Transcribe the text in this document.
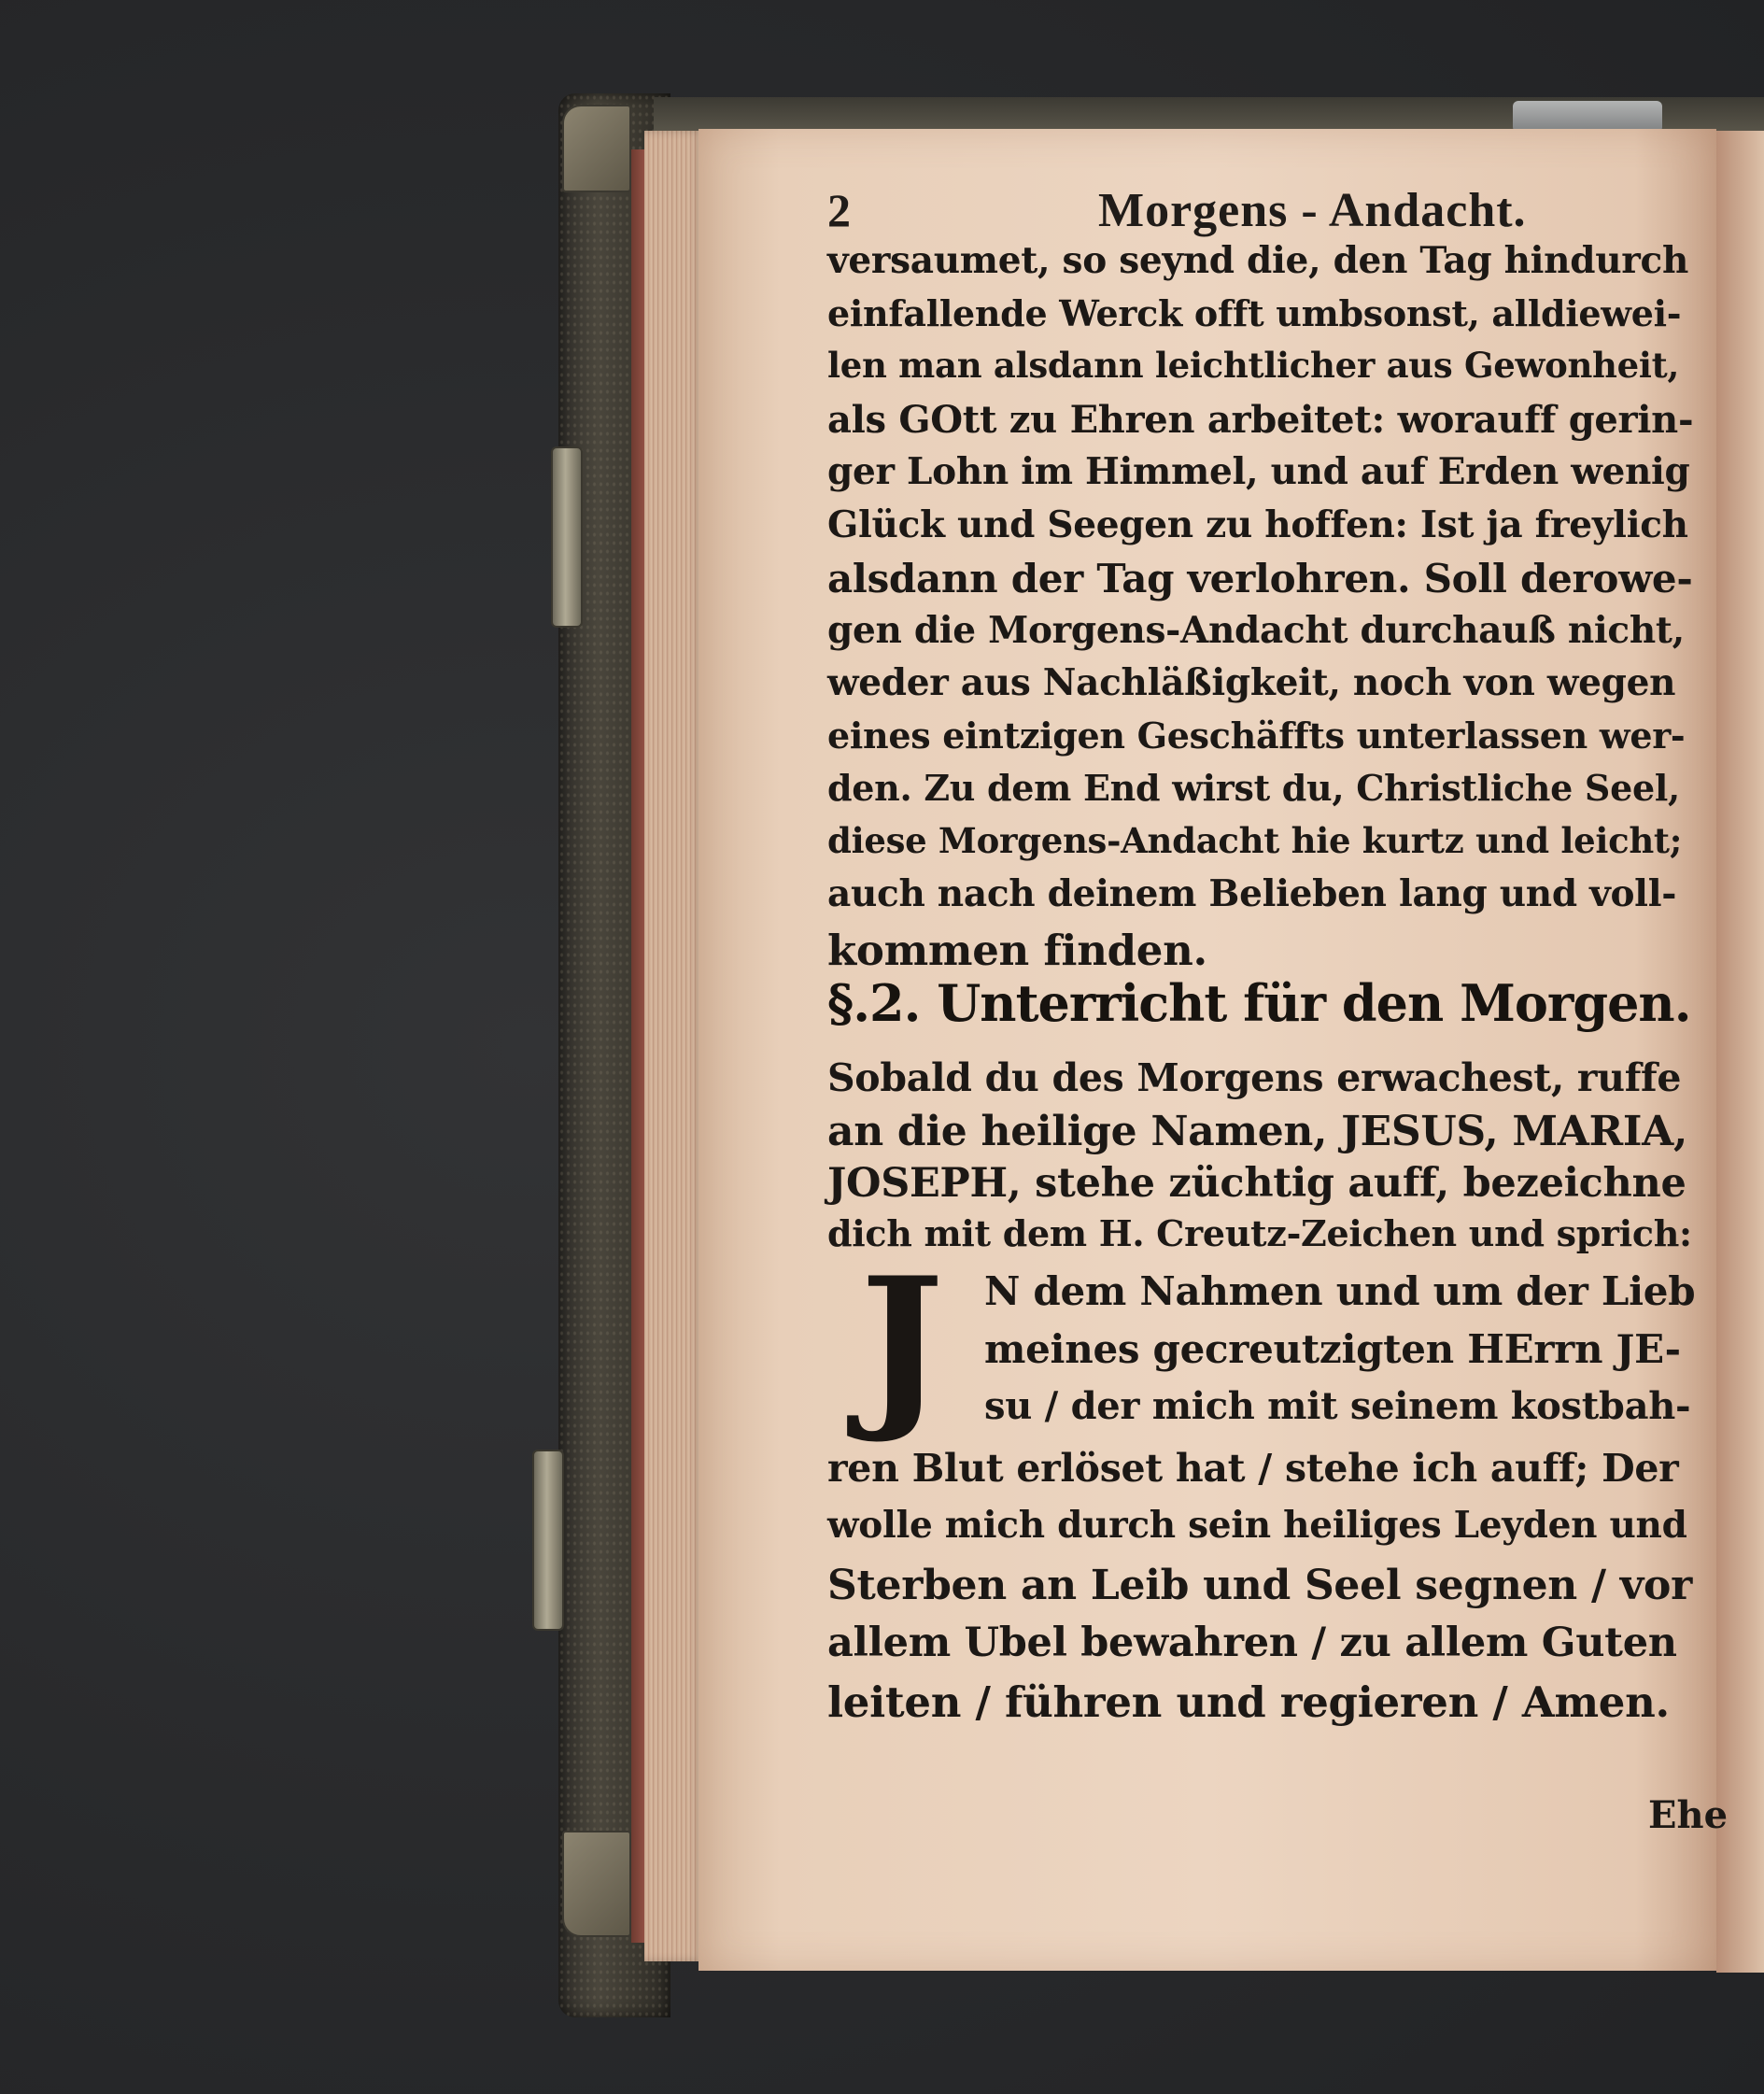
2	Morgens - Andacht.
versaumet, so seynd die, den Tag hindurch
einfallende Werck offt umbsonst, alldiewei-
len man alsdann leichtlicher aus Gewonheit,
als GOtt zu Ehren arbeitet: worauff gerin-
ger Lohn im Himmel, und auf Erden wenig
Glück und Seegen zu hoffen: Ist ja freylich
alsdann der Tag verlohren. Soll derowe-
gen die Morgens-Andacht durchauß nicht,
weder aus Nachläßigkeit, noch von wegen
eines eintzigen Geschäffts unterlassen wer-
den. Zu dem End wirst du, Christliche Seel,
diese Morgens-Andacht hie kurtz und leicht;
auch nach deinem Belieben lang und voll-
kommen finden.
§.2. Unterricht für den Morgen.
Sobald du des Morgens erwachest, ruffe
an die heilige Namen, JESUS, MARIA,
JOSEPH, stehe züchtig auff, bezeichne
dich mit dem H. Creutz-Zeichen und sprich:
J	N dem Nahmen und um der Lieb
meines gecreutzigten HErrn JE-
su / der mich mit seinem kostbah-
ren Blut erlöset hat / stehe ich auff; Der
wolle mich durch sein heiliges Leyden und
Sterben an Leib und Seel segnen / vor
allem Ubel bewahren / zu allem Guten
leiten / führen und regieren / Amen.
Ehe
